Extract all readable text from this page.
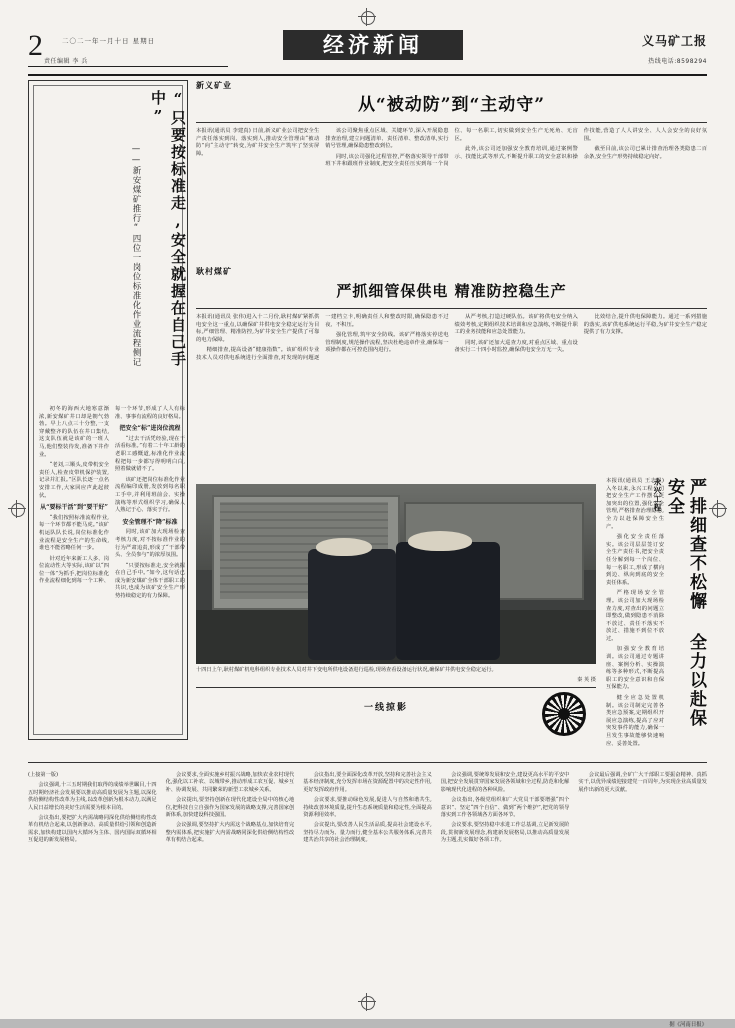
2	二〇二一年一月十日 星期日
责任编辑 李 兵
经济新闻	义马矿工报
热线电话:8598294
“只要按标准走,安全就握在自己手中”
——新安煤矿推行“四位一岗位标准化作业流程侧记

初冬的海西大地寒意渐浓,新安煤矿井口却是朝气勃勃。早上八点三十分整,一支穿戴整齐的队伍在井口集结,这支队伍就是该矿的一班人马,他们整装待发,准备下井作业。

“老刘,三顺头,皮带机安全责任人,检查皮带机保护装置,记录并汇报。”区队长逐一点名安排工作,大家回应声此起彼伏。

从“要标干活”到“要干好”

“我们按照标准流程作业,每一个环节都不能马虎。”该矿机运队队长说,岗位标准化作业流程是安全生产的生命线,谁也不能省略任何一步。

针对近年来新工人多、岗位流动性大等实际,该矿以“四位一体”为抓手,把岗位标准化作业流程细化到每一个工种、每一个环节,形成了人人有标准、事事有流程的良好格局。

把安全“标”进岗位流程

“过去干活凭经验,现在干活看标准。”有着二十年工龄的老职工感慨道,标准化作业流程把每一步都写得明明白白,照着做就错不了。

该矿还把岗位标准化作业流程编印成册,发放到每名职工手中,并利用班前会、实操演练等形式组织学习,确保人人熟记于心、落实于行。

安全管理不“降”标准

同时,该矿加大现场检查考核力度,对不按标准作业的行为严肃追责,形成了“干部带头、全员参与”的浓厚氛围。

“只要按标准走,安全就握在自己手中。”如今,这句话已成为新安煤矿全体干部职工的共识,也成为该矿安全生产形势持续稳定的有力保障。

新义矿业
从“被动防”到“主动守”

本报讯(通讯员 李建真) 日前,新义矿业公司把安全生产责任落实到岗、落实到人,推动安全管理由“被动防”向“主动守”转变,为矿井安全生产筑牢了坚实屏障。

该公司聚焦重点区域、关键环节,深入开展隐患排查治理,建立问题清单、责任清单、整改清单,实行销号管理,确保隐患整改到位。

同时,该公司强化过程管控,严格落实领导干部带班下井和跟班作业制度,把安全责任压实到每一个岗位、每一名职工,切实做到安全生产无死角、无盲区。

此外,该公司还加强安全教育培训,通过案例警示、技能比武等形式,不断提升职工的安全意识和操作技能,营造了人人讲安全、人人会安全的良好氛围。

截至目前,该公司已累计排查治理各类隐患二百余条,安全生产形势持续稳定向好。

耿村煤矿
严抓细管保供电 精准防控稳生产

本报讯(通讯员 张伟)进入十二月份,耿村煤矿紧抓供电安全这一重点,以确保矿井供电安全稳定运行为目标,严细管理、精准防控,为矿井安全生产提供了可靠的电力保障。

精细排查,提高设备“健康指数”。该矿组织专业技术人员对供电系统进行全面排查,对发现的问题逐一建档立卡,明确责任人和整改时限,确保隐患不过夜、不积压。

强化管理,筑牢安全防线。该矿严格落实停送电管理制度,规范操作流程,坚决杜绝违章作业,确保每一项操作都在可控范围内进行。

从严考核,打造过硬队伍。该矿将供电安全纳入绩效考核,定期组织技术培训和应急演练,不断提升职工的业务技能和应急处置能力。

同时,该矿还加大巡查力度,对重点区域、重点设备实行二十四小时监控,确保供电安全万无一失。

比效结合,提升供电保障能力。通过一系列措施的落实,该矿供电系统运行平稳,为矿井安全生产稳定提供了有力支撑。

十四日上午,耿村煤矿机电科组织专业技术人员对井下变电所供电设备进行巡检,现场查看设备运行状况,确保矿井供电安全稳定运行。
秦 英 摄
一线掠影

本报讯(通讯员 王志强) 入冬以来,永兴工程公司把安全生产工作摆在更加突出的位置,强化安全管理,严格排查治理隐患,全力以赴保障安全生产。

强化安全责任落实。该公司层层签订安全生产责任书,把安全责任分解到每一个岗位、每一名职工,形成了横向到边、纵向到底的安全责任体系。

严格现场安全管理。该公司加大现场检查力度,对查出的问题立即整改,做到隐患不消除不放过、责任不落实不放过、措施不到位不放过。

加强安全教育培训。该公司通过专题讲座、案例分析、实操演练等多种形式,不断提高职工的安全意识和自保互保能力。

健全应急处置机制。该公司制定完善各类应急预案,定期组织开展应急演练,提高了应对突发事件的能力,确保一旦发生事故能够快速响应、妥善处置。

永兴工程	严排细查不松懈 全力以赴保安全

(上接第一版)

会议强调,十三五时期我们取得的成绩举世瞩目,十四五时期经济社会发展要以推动高质量发展为主题,以深化供给侧结构性改革为主线,以改革创新为根本动力,以满足人民日益增长的美好生活需要为根本目的。

会议指出,要把扩大内需战略同深化供给侧结构性改革有机结合起来,以创新驱动、高质量供给引领和创造新需求,加快构建以国内大循环为主体、国内国际双循环相互促进的新发展格局。

会议要求,全面实施乡村振兴战略,加快农业农村现代化,强化以工补农、以城带乡,推动形成工农互促、城乡互补、协调发展、共同繁荣的新型工农城乡关系。

会议提出,要坚持创新在现代化建设全局中的核心地位,把科技自立自强作为国家发展的战略支撑,完善国家创新体系,加快建设科技强国。

会议强调,要坚持扩大内需这个战略基点,加快培育完整内需体系,把实施扩大内需战略同深化供给侧结构性改革有机结合起来。

会议指出,要全面深化改革开放,坚持和完善社会主义基本经济制度,充分发挥市场在资源配置中的决定性作用,更好发挥政府作用。

会议要求,要推动绿色发展,促进人与自然和谐共生,持续改善环境质量,提升生态系统质量和稳定性,全面提高资源利用效率。

会议提出,要改善人民生活品质,提高社会建设水平,坚持尽力而为、量力而行,健全基本公共服务体系,完善共建共治共享的社会治理制度。

会议强调,要统筹发展和安全,建设更高水平的平安中国,把安全发展贯穿国家发展各领域和全过程,防范和化解影响现代化进程的各种风险。

会议指出,各级党组织和广大党员干部要增强“四个意识”、坚定“四个自信”、做到“两个维护”,把党的领导落实到工作各领域各方面各环节。

会议要求,要坚持稳中求进工作总基调,立足新发展阶段,贯彻新发展理念,构建新发展格局,以推动高质量发展为主题,扎实做好各项工作。

会议最后强调,全矿广大干部职工要振奋精神、真抓实干,以优异成绩迎接建党一百周年,为实现企业高质量发展作出新的更大贡献。

据《河南日报》
